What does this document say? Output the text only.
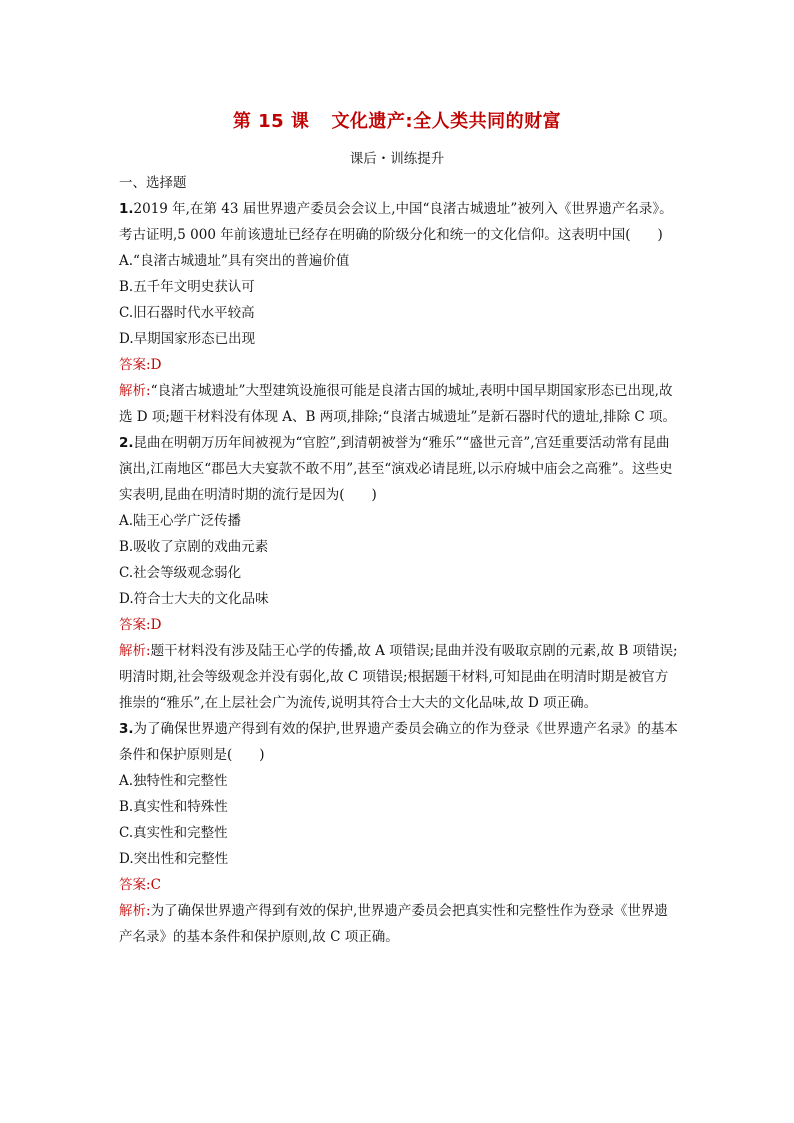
第 15 课 文化遗产:全人类共同的财富
课后・训练提升

一、选择题

1.2019 年,在第 43 届世界遗产委员会会议上,中国“良渚古城遗址”被列入《世界遗产名录》。考古证明,5 000 年前该遗址已经存在明确的阶级分化和统一的文化信仰。这表明中国(　　)

A.“良渚古城遗址”具有突出的普遍价值

B.五千年文明史获认可

C.旧石器时代水平较高

D.早期国家形态已出现

答案:D

解析:“良渚古城遗址”大型建筑设施很可能是良渚古国的城址,表明中国早期国家形态已出现,故选 D 项;题干材料没有体现 A、B 两项,排除;“良渚古城遗址”是新石器时代的遗址,排除 C 项。

2.昆曲在明朝万历年间被视为“官腔”,到清朝被誉为“雅乐”“盛世元音”,宫廷重要活动常有昆曲演出,江南地区“郡邑大夫宴款不敢不用”,甚至“演戏必请昆班,以示府城中庙会之高雅”。这些史实表明,昆曲在明清时期的流行是因为(　　)

A.陆王心学广泛传播

B.吸收了京剧的戏曲元素

C.社会等级观念弱化

D.符合士大夫的文化品味

答案:D

解析:题干材料没有涉及陆王心学的传播,故 A 项错误;昆曲并没有吸取京剧的元素,故 B 项错误;明清时期,社会等级观念并没有弱化,故 C 项错误;根据题干材料,可知昆曲在明清时期是被官方推崇的“雅乐”,在上层社会广为流传,说明其符合士大夫的文化品味,故 D 项正确。

3.为了确保世界遗产得到有效的保护,世界遗产委员会确立的作为登录《世界遗产名录》的基本条件和保护原则是(　　)

A.独特性和完整性

B.真实性和特殊性

C.真实性和完整性

D.突出性和完整性

答案:C

解析:为了确保世界遗产得到有效的保护,世界遗产委员会把真实性和完整性作为登录《世界遗产名录》的基本条件和保护原则,故 C 项正确。
